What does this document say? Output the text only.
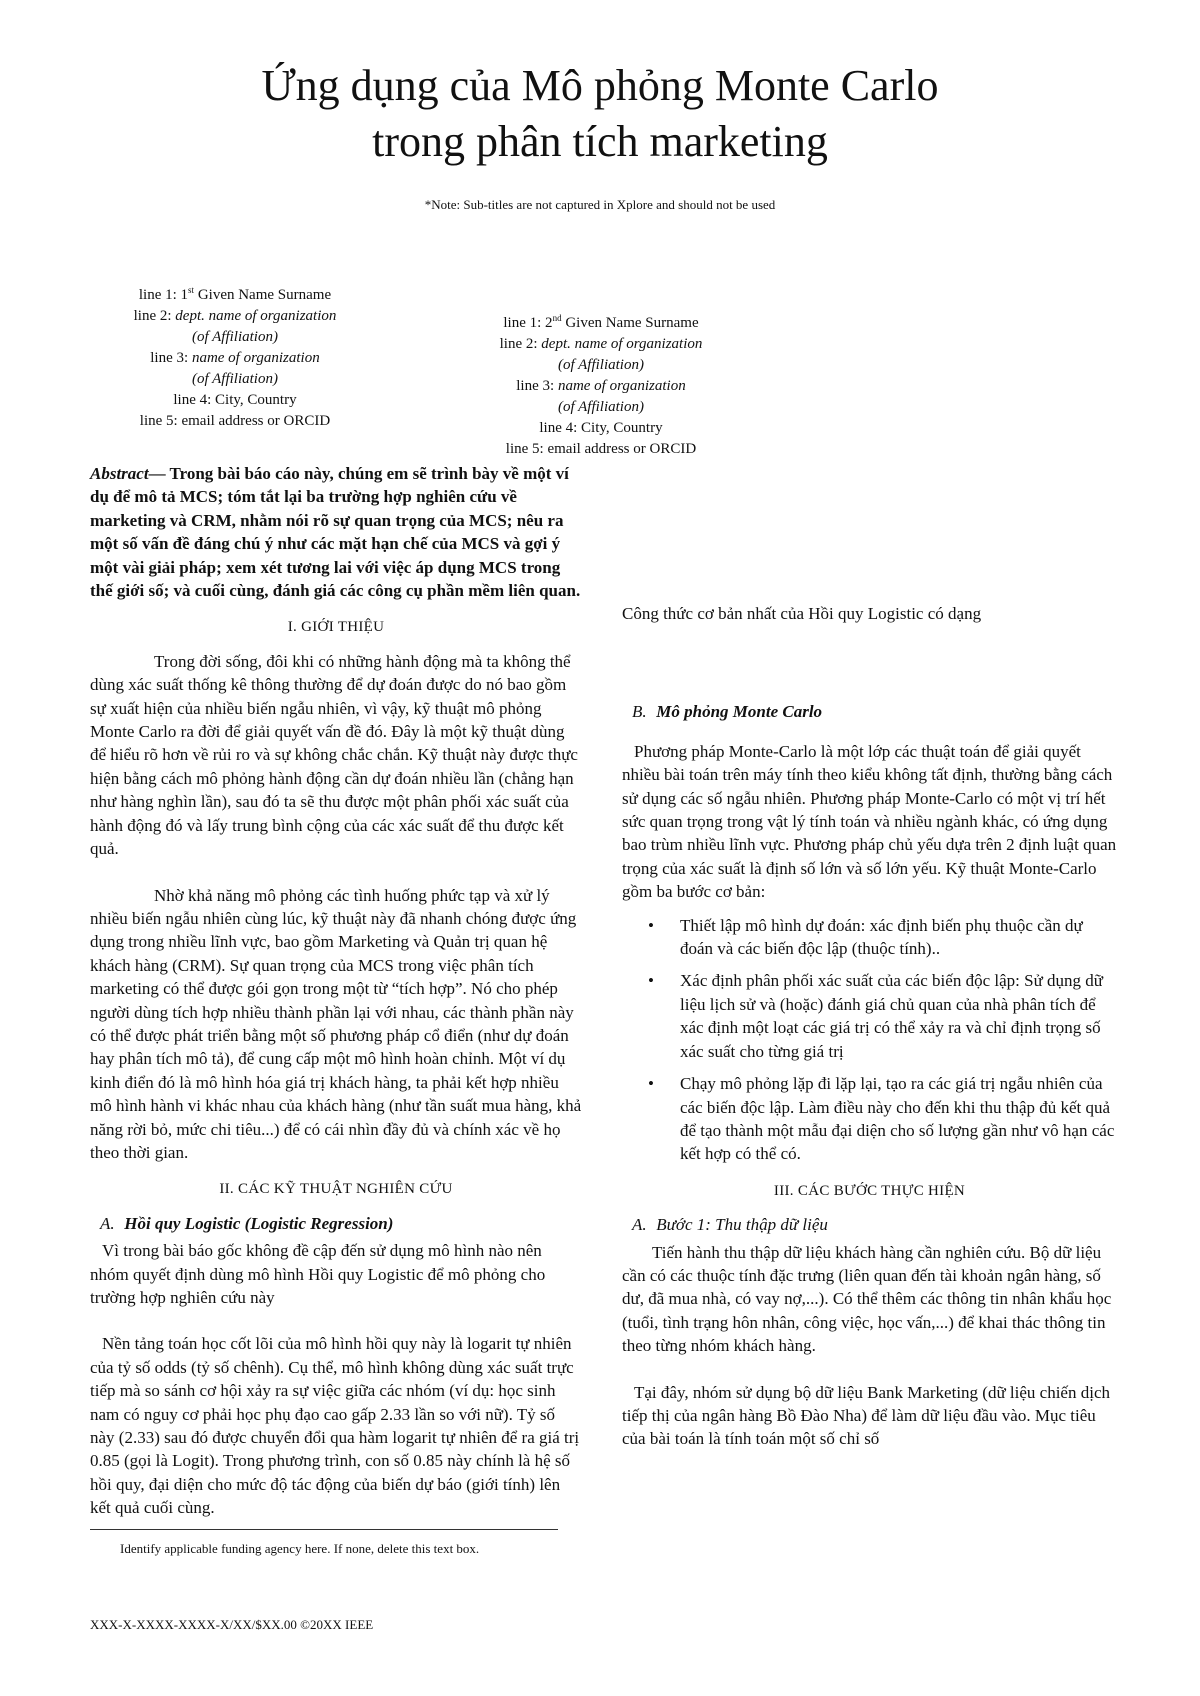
Ứng dụng của Mô phỏng Monte Carlo
trong phân tích marketing
*Note: Sub-titles are not captured in Xplore and should not be used
line 1: 1st Given Name Surname
line 2: dept. name of organization
(of Affiliation)
line 3: name of organization
(of Affiliation)
line 4: City, Country
line 5: email address or ORCID
line 1: 2nd Given Name Surname
line 2: dept. name of organization
(of Affiliation)
line 3: name of organization
(of Affiliation)
line 4: City, Country
line 5: email address or ORCID

Abstract— Trong bài báo cáo này, chúng em sẽ trình bày về một ví dụ để mô tả MCS; tóm tắt lại ba trường hợp nghiên cứu về marketing và CRM, nhằm nói rõ sự quan trọng của MCS; nêu ra một số vấn đề đáng chú ý như các mặt hạn chế của MCS và gợi ý một vài giải pháp; xem xét tương lai với việc áp dụng MCS trong thế giới số; và cuối cùng, đánh giá các công cụ phần mềm liên quan.

I. GIỚI THIỆU

Trong đời sống, đôi khi có những hành động mà ta không thể dùng xác suất thống kê thông thường để dự đoán được do nó bao gồm sự xuất hiện của nhiều biến ngẫu nhiên, vì vậy, kỹ thuật mô phỏng Monte Carlo ra đời để giải quyết vấn đề đó. Đây là một kỹ thuật dùng để hiểu rõ hơn về rủi ro và sự không chắc chắn. Kỹ thuật này được thực hiện bằng cách mô phỏng hành động cần dự đoán nhiều lần (chẳng hạn như hàng nghìn lần), sau đó ta sẽ thu được một phân phối xác suất của hành động đó và lấy trung bình cộng của các xác suất để thu được kết quả.

Nhờ khả năng mô phỏng các tình huống phức tạp và xử lý nhiều biến ngẫu nhiên cùng lúc, kỹ thuật này đã nhanh chóng được ứng dụng trong nhiều lĩnh vực, bao gồm Marketing và Quản trị quan hệ khách hàng (CRM). Sự quan trọng của MCS trong việc phân tích marketing có thể được gói gọn trong một từ “tích hợp”. Nó cho phép người dùng tích hợp nhiều thành phần lại với nhau, các thành phần này có thể được phát triển bằng một số phương pháp cổ điển (như dự đoán hay phân tích mô tả), để cung cấp một mô hình hoàn chỉnh. Một ví dụ kinh điển đó là mô hình hóa giá trị khách hàng, ta phải kết hợp nhiều mô hình hành vi khác nhau của khách hàng (như tần suất mua hàng, khả năng rời bỏ, mức chi tiêu...) để có cái nhìn đầy đủ và chính xác về họ theo thời gian.

II. CÁC KỸ THUẬT NGHIÊN CỨU
A. Hồi quy Logistic (Logistic Regression)

Vì trong bài báo gốc không đề cập đến sử dụng mô hình nào nên nhóm quyết định dùng mô hình Hồi quy Logistic để mô phỏng cho trường hợp nghiên cứu này

Nền tảng toán học cốt lõi của mô hình hồi quy này là logarit tự nhiên của tỷ số odds (tỷ số chênh). Cụ thể, mô hình không dùng xác suất trực tiếp mà so sánh cơ hội xảy ra sự việc giữa các nhóm (ví dụ: học sinh nam có nguy cơ phải học phụ đạo cao gấp 2.33 lần so với nữ). Tỷ số này (2.33) sau đó được chuyển đổi qua hàm logarit tự nhiên để ra giá trị 0.85 (gọi là Logit). Trong phương trình, con số 0.85 này chính là hệ số hồi quy, đại diện cho mức độ tác động của biến dự báo (giới tính) lên kết quả cuối cùng.

Công thức cơ bản nhất của Hồi quy Logistic có dạng

B. Mô phỏng Monte Carlo

Phương pháp Monte-Carlo là một lớp các thuật toán để giải quyết nhiều bài toán trên máy tính theo kiểu không tất định, thường bằng cách sử dụng các số ngẫu nhiên. Phương pháp Monte-Carlo có một vị trí hết sức quan trọng trong vật lý tính toán và nhiều ngành khác, có ứng dụng bao trùm nhiều lĩnh vực. Phương pháp chủ yếu dựa trên 2 định luật quan trọng của xác suất là định số lớn và số lớn yếu. Kỹ thuật Monte-Carlo gồm ba bước cơ bản:

• Thiết lập mô hình dự đoán: xác định biến phụ thuộc cần dự đoán và các biến độc lập (thuộc tính)..
• Xác định phân phối xác suất của các biến độc lập: Sử dụng dữ liệu lịch sử và (hoặc) đánh giá chủ quan của nhà phân tích để xác định một loạt các giá trị có thể xảy ra và chỉ định trọng số xác suất cho từng giá trị
• Chạy mô phỏng lặp đi lặp lại, tạo ra các giá trị ngẫu nhiên của các biến độc lập. Làm điều này cho đến khi thu thập đủ kết quả để tạo thành một mẫu đại diện cho số lượng gần như vô hạn các kết hợp có thể có.
III. CÁC BƯỚC THỰC HIỆN
A. Bước 1: Thu thập dữ liệu

Tiến hành thu thập dữ liệu khách hàng cần nghiên cứu. Bộ dữ liệu cần có các thuộc tính đặc trưng (liên quan đến tài khoản ngân hàng, số dư, đã mua nhà, có vay nợ,...). Có thể thêm các thông tin nhân khẩu học (tuổi, tình trạng hôn nhân, công việc, học vấn,...) để khai thác thông tin theo từng nhóm khách hàng.

Tại đây, nhóm sử dụng bộ dữ liệu Bank Marketing (dữ liệu chiến dịch tiếp thị của ngân hàng Bồ Đào Nha) để làm dữ liệu đầu vào. Mục tiêu của bài toán là tính toán một số chỉ số

Identify applicable funding agency here. If none, delete this text box.
XXX-X-XXXX-XXXX-X/XX/$XX.00 ©20XX IEEE
